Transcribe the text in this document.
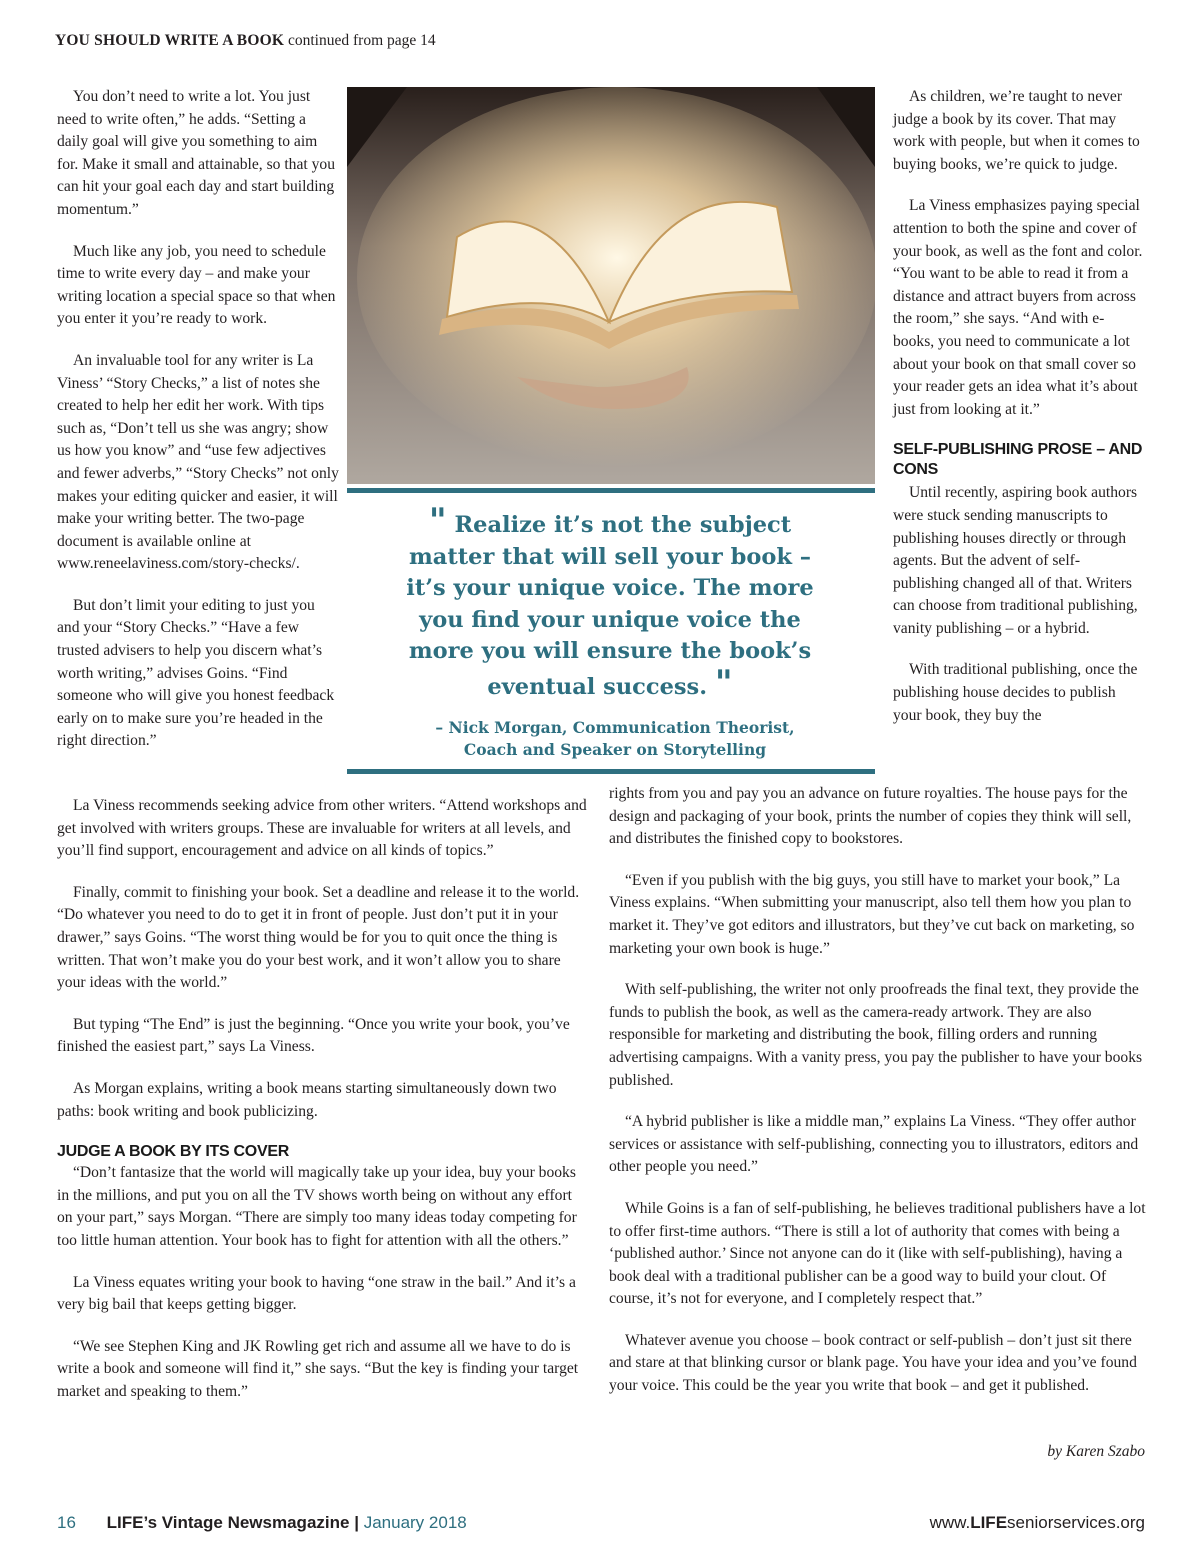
YOU SHOULD WRITE A BOOK continued from page 14

You don’t need to write a lot. You just need to write often,” he adds. “Setting a daily goal will give you something to aim for. Make it small and attainable, so that you can hit your goal each day and start building momentum.”

Much like any job, you need to schedule time to write every day – and make your writing location a special space so that when you enter it you’re ready to work.

An invaluable tool for any writer is La Viness’ “Story Checks,” a list of notes she created to help her edit her work. With tips such as, “Don’t tell us she was angry; show us how you know” and “use few adjectives and fewer adverbs,” “Story Checks” not only makes your editing quicker and easier, it will make your writing better. The two-page document is available online at www.reneelaviness.com/story-checks/.

But don’t limit your editing to just you and your “Story Checks.” “Have a few trusted advisers to help you discern what’s worth writing,” advises Goins. “Find someone who will give you honest feedback early on to make sure you’re headed in the right direction.”

" Realize it’s not the subject matter that will sell your book – it’s your unique voice. The more you find your unique voice the more you will ensure the book’s eventual success. "
– Nick Morgan, Communication Theorist,
Coach and Speaker on Storytelling

As children, we’re taught to never judge a book by its cover. That may work with people, but when it comes to buying books, we’re quick to judge.

La Viness emphasizes paying special attention to both the spine and cover of your book, as well as the font and color. “You want to be able to read it from a distance and attract buyers from across the room,” she says. “And with e-books, you need to communicate a lot about your book on that small cover so your reader gets an idea what it’s about just from looking at it.”

SELF-PUBLISHING PROSE – AND CONS

Until recently, aspiring book authors were stuck sending manuscripts to publishing houses directly or through agents. But the advent of self-publishing changed all of that. Writers can choose from traditional publishing, vanity publishing – or a hybrid.

With traditional publishing, once the publishing house decides to publish your book, they buy the

La Viness recommends seeking advice from other writers. “Attend workshops and get involved with writers groups. These are invaluable for writers at all levels, and you’ll find support, encouragement and advice on all kinds of topics.”

Finally, commit to finishing your book. Set a deadline and release it to the world. “Do whatever you need to do to get it in front of people. Just don’t put it in your drawer,” says Goins. “The worst thing would be for you to quit once the thing is written. That won’t make you do your best work, and it won’t allow you to share your ideas with the world.”

But typing “The End” is just the beginning. “Once you write your book, you’ve finished the easiest part,” says La Viness.

As Morgan explains, writing a book means starting simultaneously down two paths: book writing and book publicizing.

JUDGE A BOOK BY ITS COVER

“Don’t fantasize that the world will magically take up your idea, buy your books in the millions, and put you on all the TV shows worth being on without any effort on your part,” says Morgan. “There are simply too many ideas today competing for too little human attention. Your book has to fight for attention with all the others.”

La Viness equates writing your book to having “one straw in the bail.” And it’s a very big bail that keeps getting bigger.

“We see Stephen King and JK Rowling get rich and assume all we have to do is write a book and someone will find it,” she says. “But the key is finding your target market and speaking to them.”

rights from you and pay you an advance on future royalties. The house pays for the design and packaging of your book, prints the number of copies they think will sell, and distributes the finished copy to bookstores.

“Even if you publish with the big guys, you still have to market your book,” La Viness explains. “When submitting your manuscript, also tell them how you plan to market it. They’ve got editors and illustrators, but they’ve cut back on marketing, so marketing your own book is huge.”

With self-publishing, the writer not only proofreads the final text, they provide the funds to publish the book, as well as the camera-ready artwork. They are also responsible for marketing and distributing the book, filling orders and running advertising campaigns. With a vanity press, you pay the publisher to have your books published.

“A hybrid publisher is like a middle man,” explains La Viness. “They offer author services or assistance with self-publishing, connecting you to illustrators, editors and other people you need.”

While Goins is a fan of self-publishing, he believes traditional publishers have a lot to offer first-time authors. “There is still a lot of authority that comes with being a ‘published author.’ Since not anyone can do it (like with self-publishing), having a book deal with a traditional publisher can be a good way to build your clout. Of course, it’s not for everyone, and I completely respect that.”

Whatever avenue you choose – book contract or self-publish – don’t just sit there and stare at that blinking cursor or blank page. You have your idea and you’ve found your voice. This could be the year you write that book – and get it published.

by Karen Szabo
16 LIFE’s Vintage Newsmagazine | January 2018	www.LIFEseniorservices.org
